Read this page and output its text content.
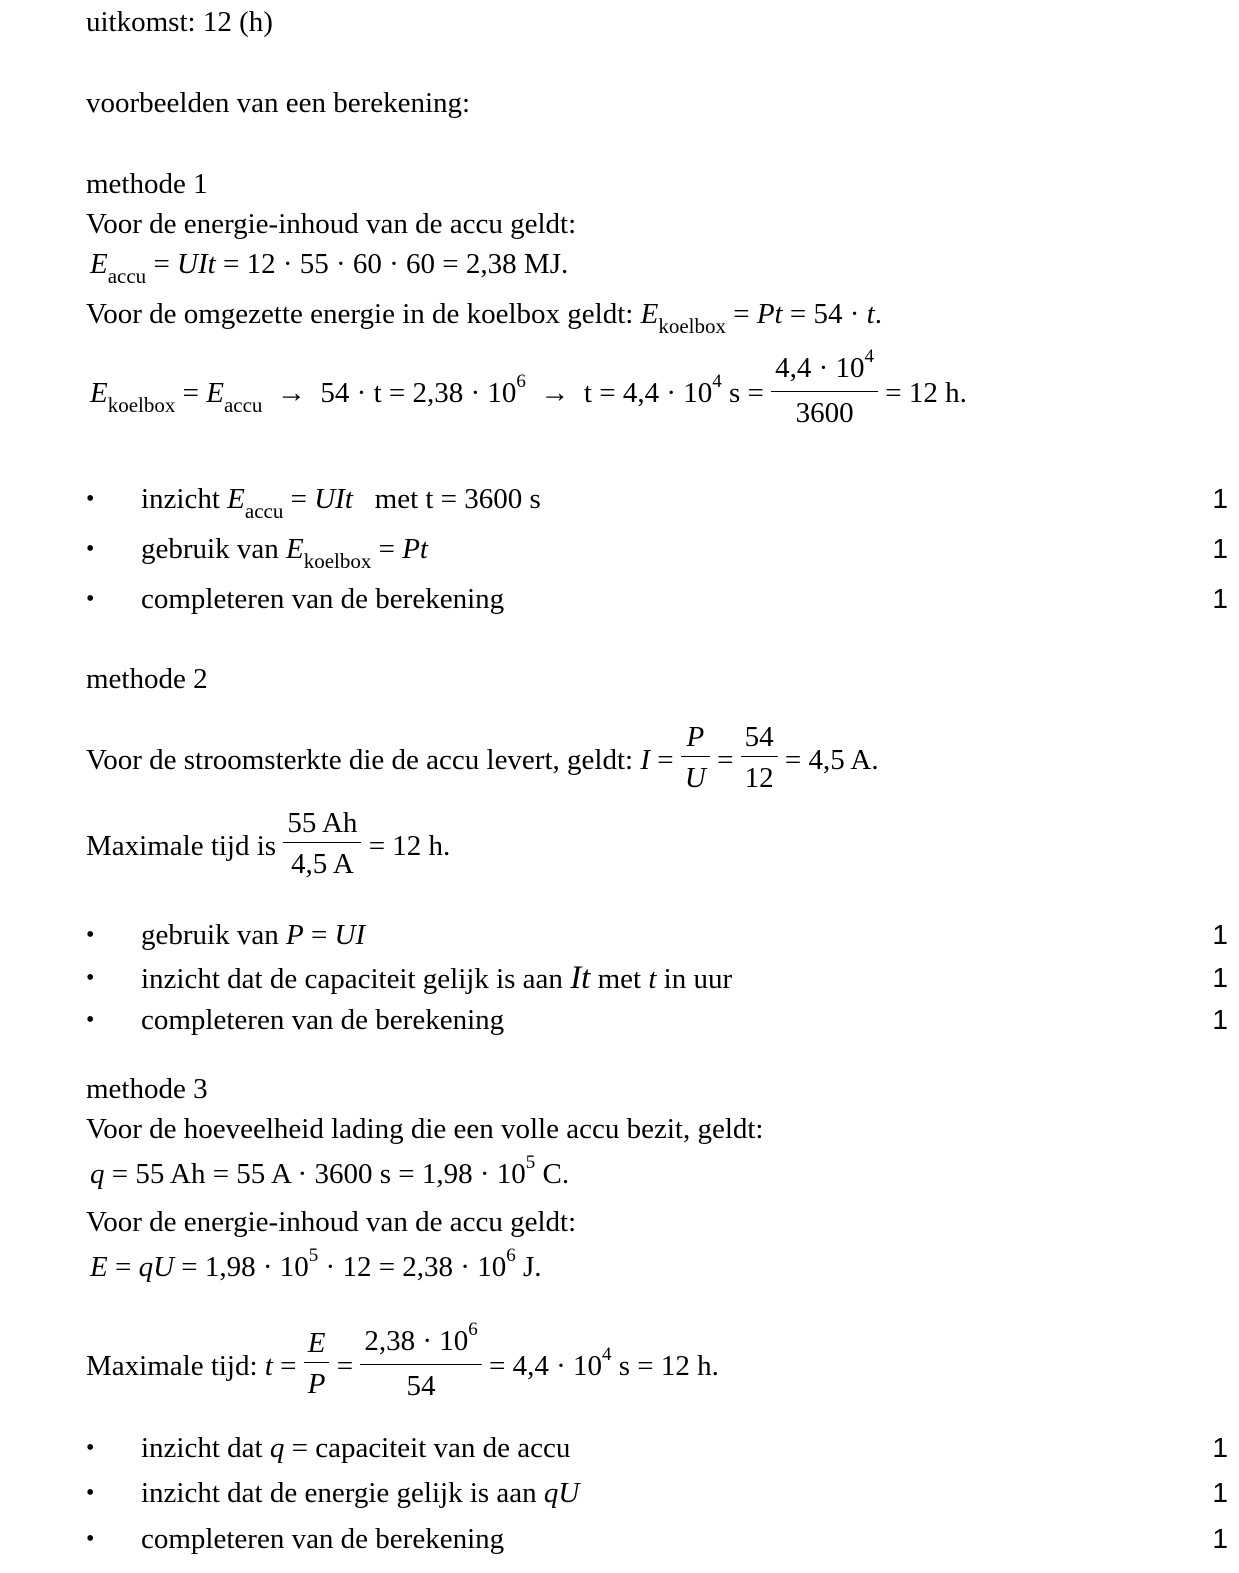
uitkomst: 12 (h)
voorbeelden van een berekening:
methode 1
Voor de energie-inhoud van de accu geldt:
$E_{accu}$ = UIt = 12 · 55 · 60 · 60 = 2,38 MJ.
Voor de omgezette energie in de koelbox geldt: $E_{koelbox} = Pt = 54 \cdot t$.
$E_{koelbox} = E_{accu} \to 54 \cdot t = 2,38 \cdot 10^6 \to t = 4,4 \cdot 10^4$ $s = \frac{4,4 \cdot 10^4}{3600} = 12$ h.
• inzicht $E_{accu}$ = UIt met t = 3600 s	1
• gebruik van $E_{koelbox} = Pt$	1
• completeren van de berekening	1
methode 2
Voor de stroomsterkte die de accu levert, geldt: $I = \frac{P}{U} = \frac{54}{12} = 4,5$ A.
Maximale tijd is $\frac{55 Ah}{4,5 A} = 12$ h.
• gebruik van P = UI	1
• inzicht dat de capaciteit gelijk is aan It met t in uur	1
• completeren van de berekening	1
methode 3
Voor de hoeveelheid lading die een volle accu bezit, geldt:
q = 55 Ah = 55 A · 3600 $s = 1,98 \cdot 10^5$ C.
Voor de energie-inhoud van de accu geldt:
E = qU = $1,98 \cdot 10^5 \cdot 12 = 2,38 \cdot 10^6$ J.
Maximale tijd: $t = \frac{E}{P} = \frac{2,38 \cdot 10^6}{54} = 4,4 \cdot 10^4$ s = 12 h.
• inzicht dat q = capaciteit van de accu	1
• inzicht dat de energie gelijk is aan qU	1
• completeren van de berekening	1
